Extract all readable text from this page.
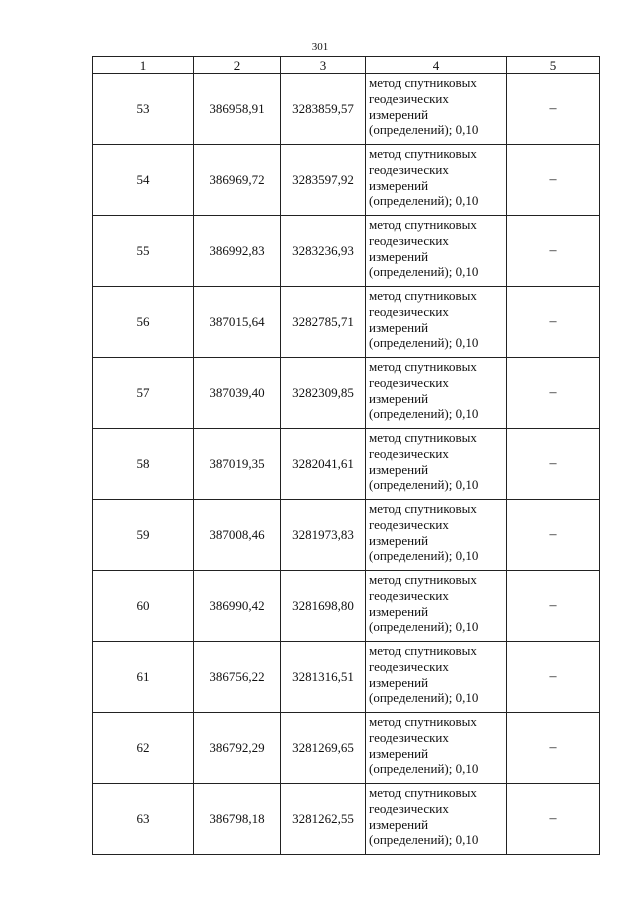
301
1	2	3	4	5
53	386958,91	3283859,57	метод спутниковых геодезических измерений (определений); 0,10	–
54	386969,72	3283597,92	метод спутниковых геодезических измерений (определений); 0,10	–
55	386992,83	3283236,93	метод спутниковых геодезических измерений (определений); 0,10	–
56	387015,64	3282785,71	метод спутниковых геодезических измерений (определений); 0,10	–
57	387039,40	3282309,85	метод спутниковых геодезических измерений (определений); 0,10	–
58	387019,35	3282041,61	метод спутниковых геодезических измерений (определений); 0,10	–
59	387008,46	3281973,83	метод спутниковых геодезических измерений (определений); 0,10	–
60	386990,42	3281698,80	метод спутниковых геодезических измерений (определений); 0,10	–
61	386756,22	3281316,51	метод спутниковых геодезических измерений (определений); 0,10	–
62	386792,29	3281269,65	метод спутниковых геодезических измерений (определений); 0,10	–
63	386798,18	3281262,55	метод спутниковых геодезических измерений (определений); 0,10	–
